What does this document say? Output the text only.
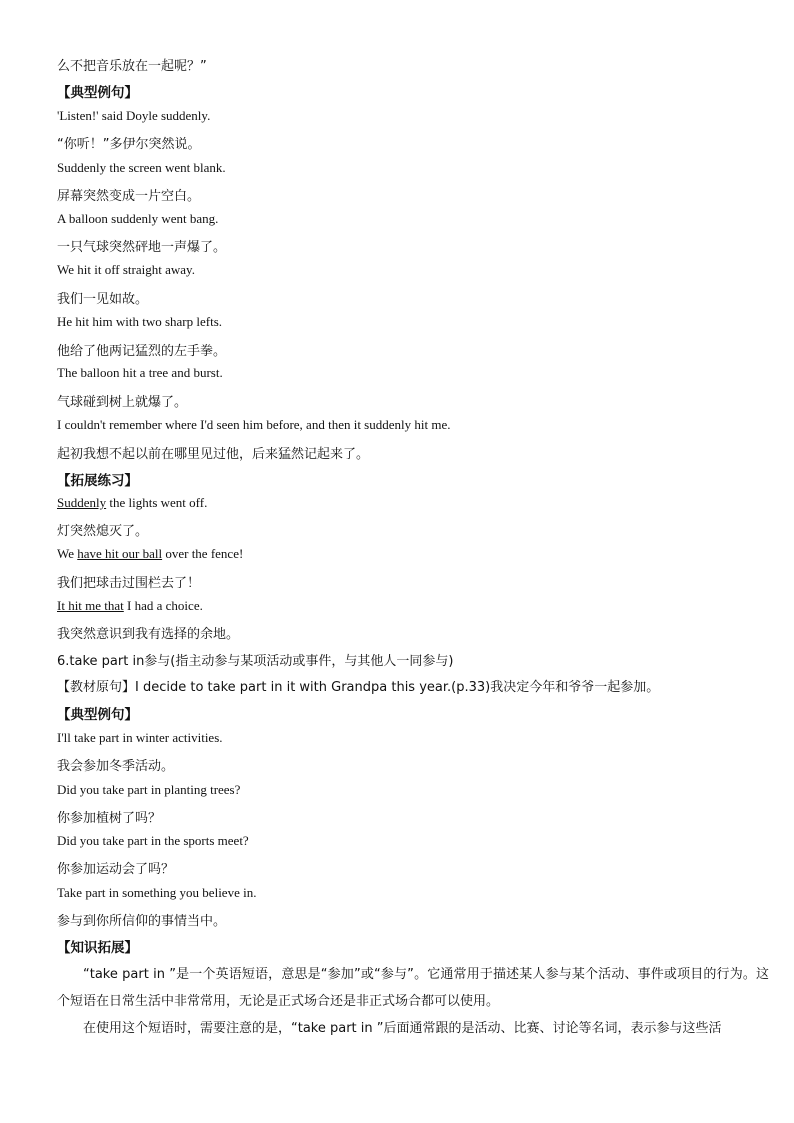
么不把音乐放在一起呢？”
【典型例句】
'Listen!' said Doyle suddenly.
“你听！”多伊尔突然说。
Suddenly the screen went blank.
屏幕突然变成一片空白。
A balloon suddenly went bang.
一只气球突然砰地一声爆了。
We hit it off straight away.
我们一见如故。
He hit him with two sharp lefts.
他给了他两记猛烈的左手拳。
The balloon hit a tree and burst.
气球碰到树上就爆了。
I couldn't remember where I'd seen him before, and then it suddenly hit me.
起初我想不起以前在哪里见过他，后来猛然记起来了。
【拓展练习】
Suddenly the lights went off.
灯突然熄灭了。
We have hit our ball over the fence!
我们把球击过围栏去了！
It hit me that I had a choice.
我突然意识到我有选择的余地。
6.take part in参与(指主动参与某项活动或事件，与其他人一同参与)
【教材原句】I decide to take part in it with Grandpa this year.(p.33)我决定今年和爷爷一起参加。
【典型例句】
I'll take part in winter activities.
我会参加冬季活动。
Did you take part in planting trees?
你参加植树了吗？
Did you take part in the sports meet?
你参加运动会了吗？
Take part in something you believe in.
参与到你所信仰的事情当中。
【知识拓展】
“take part in ”是一个英语短语，意思是“参加”或“参与”。它通常用于描述某人参与某个活动、事件或项目的行为。这个短语在日常生活中非常常用，无论是正式场合还是非正式场合都可以使用。
在使用这个短语时，需要注意的是，“take part in ”后面通常跟的是活动、比赛、讨论等名词，表示参与这些活
